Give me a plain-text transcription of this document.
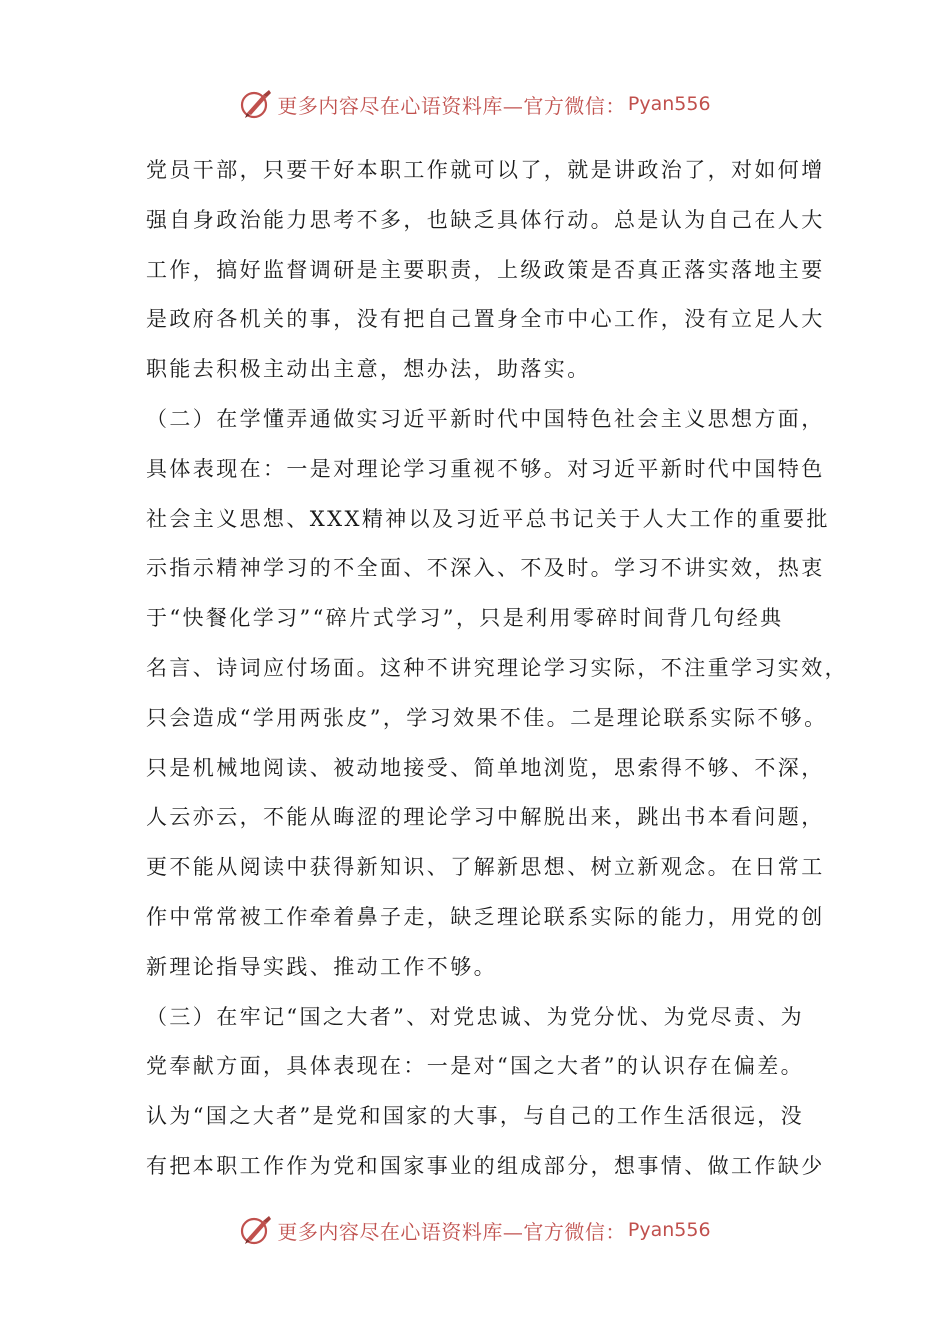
更多内容尽在心语资料库—官方微信： Pyan556
党员干部，只要干好本职工作就可以了，就是讲政治了，对如何增
强自身政治能力思考不多，也缺乏具体行动。总是认为自己在人大
工作，搞好监督调研是主要职责，上级政策是否真正落实落地主要
是政府各机关的事，没有把自己置身全市中心工作，没有立足人大
职能去积极主动出主意，想办法，助落实。
（二）在学懂弄通做实习近平新时代中国特色社会主义思想方面，
具体表现在：一是对理论学习重视不够。对习近平新时代中国特色
社会主义思想、XXX精神以及习近平总书记关于人大工作的重要批
示指示精神学习的不全面、不深入、不及时。学习不讲实效，热衷
于“快餐化学习”“碎片式学习”，只是利用零碎时间背几句经典
名言、诗词应付场面。这种不讲究理论学习实际，不注重学习实效，
只会造成“学用两张皮”，学习效果不佳。二是理论联系实际不够。
只是机械地阅读、被动地接受、简单地浏览，思索得不够、不深，
人云亦云，不能从晦涩的理论学习中解脱出来，跳出书本看问题，
更不能从阅读中获得新知识、了解新思想、树立新观念。在日常工
作中常常被工作牵着鼻子走，缺乏理论联系实际的能力，用党的创
新理论指导实践、推动工作不够。
（三）在牢记“国之大者”、对党忠诚、为党分忧、为党尽责、为
党奉献方面，具体表现在：一是对“国之大者”的认识存在偏差。
认为“国之大者”是党和国家的大事，与自己的工作生活很远，没
有把本职工作作为党和国家事业的组成部分，想事情、做工作缺少
更多内容尽在心语资料库—官方微信： Pyan556
